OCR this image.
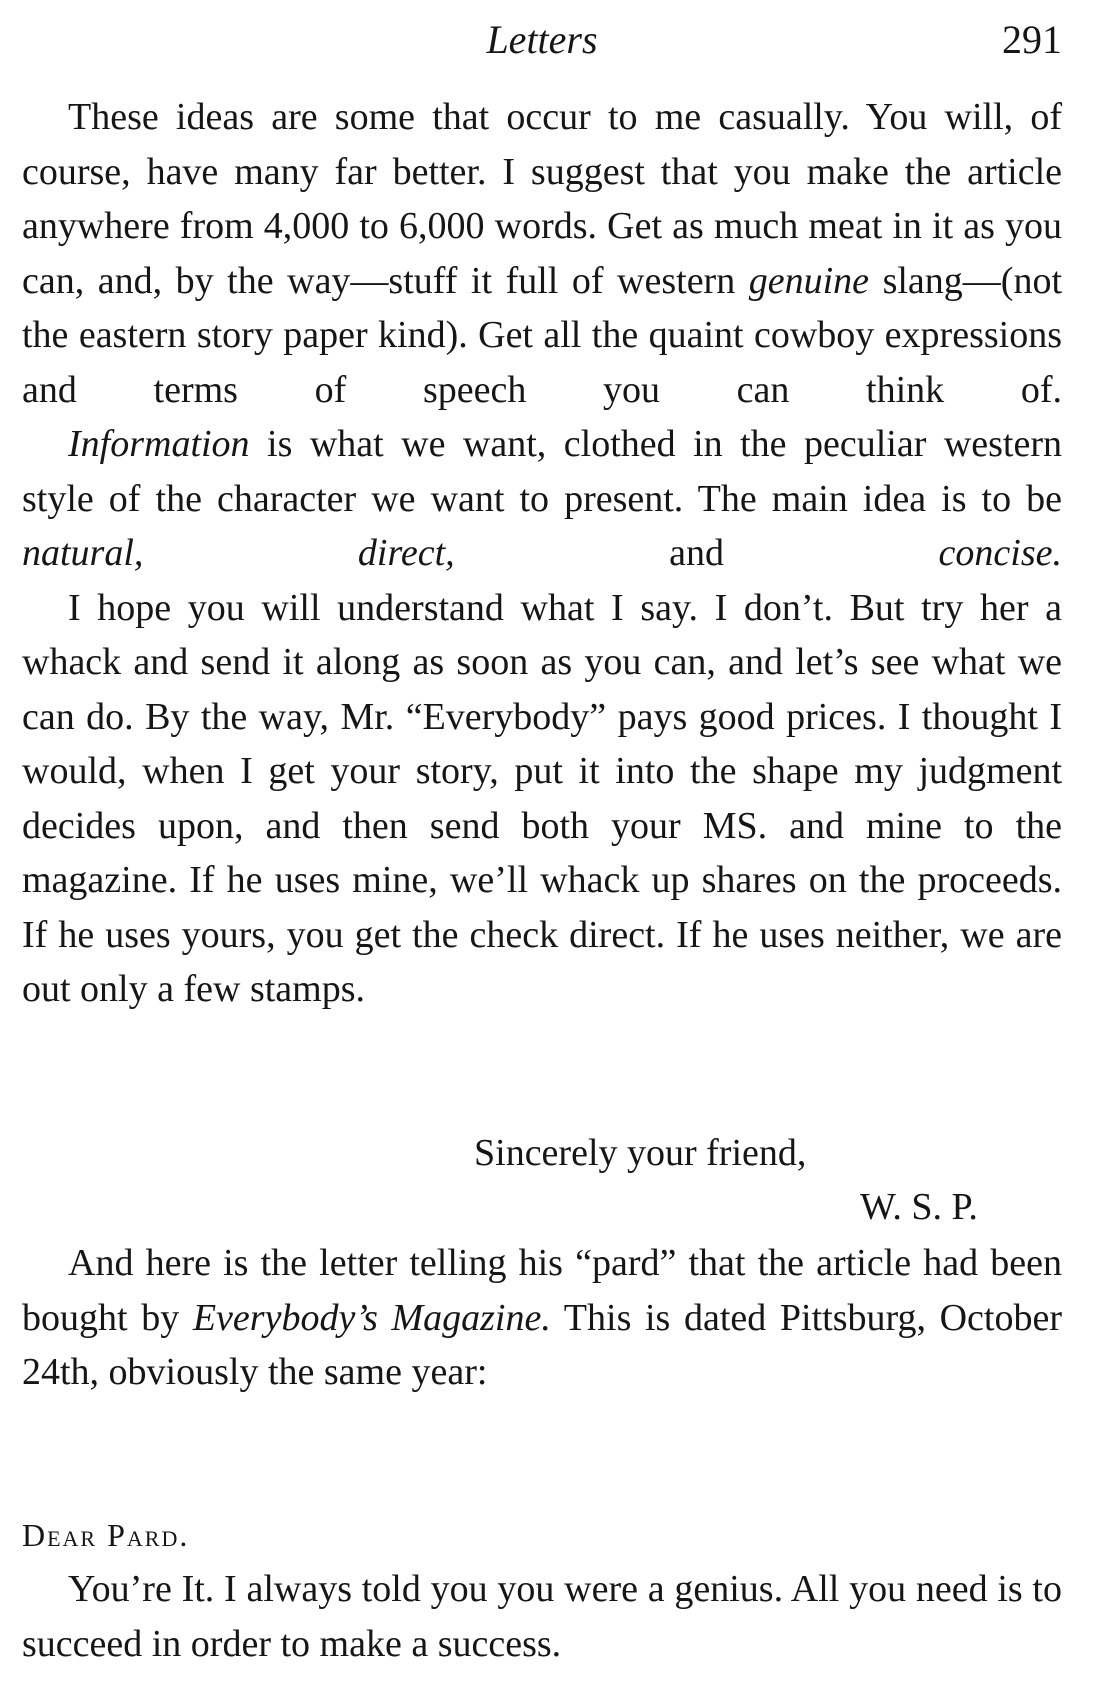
Letters	291

These ideas are some that occur to me casually. You will, of course, have many far better. I suggest that you make the article anywhere from 4,000 to 6,000 words. Get as much meat in it as you can, and, by the way—stuff it full of western genuine slang—(not the eastern story paper kind). Get all the quaint cowboy expressions and terms of speech you can think of.

Information is what we want, clothed in the peculiar western style of the character we want to present. The main idea is to be natural, direct, and concise.

I hope you will understand what I say. I don’t. But try her a whack and send it along as soon as you can, and let’s see what we can do. By the way, Mr. “Everybody” pays good prices. I thought I would, when I get your story, put it into the shape my judgment decides upon, and then send both your MS. and mine to the magazine. If he uses mine, we’ll whack up shares on the proceeds. If he uses yours, you get the check direct. If he uses neither, we are out only a few stamps.

Sincerely your friend,
W. S. P.

And here is the letter telling his “pard” that the article had been bought by Everybody’s Magazine. This is dated Pittsburg, October 24th, obviously the same year:

Dear Pard.

You’re It. I always told you you were a genius. All you need is to succeed in order to make a success.
